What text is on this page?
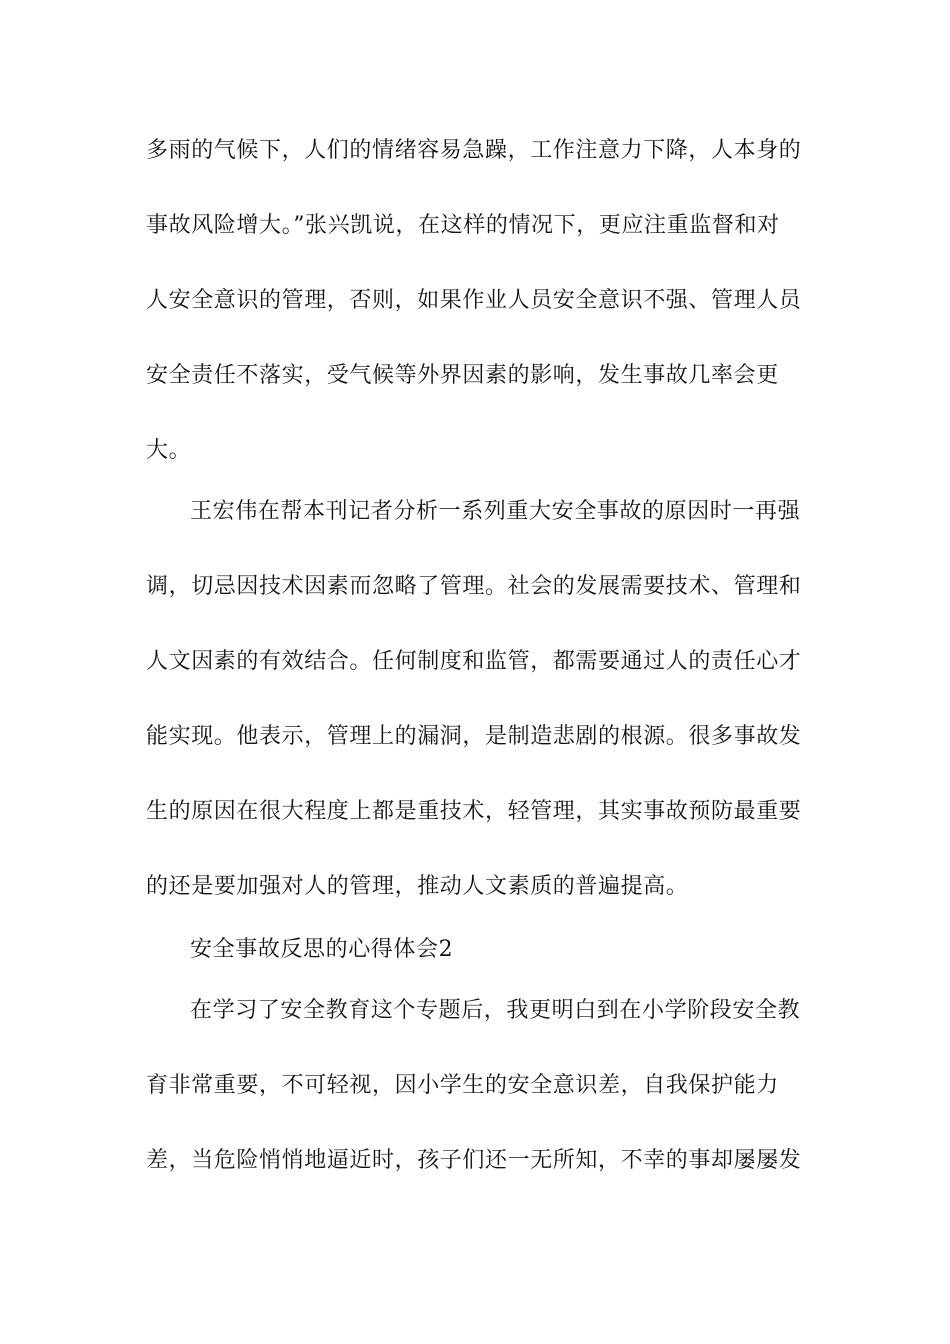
多雨的气候下，人们的情绪容易急躁，工作注意力下降，人本身的
事故风险增大。”张兴凯说，在这样的情况下，更应注重监督和对
人安全意识的管理，否则，如果作业人员安全意识不强、管理人员
安全责任不落实，受气候等外界因素的影响，发生事故几率会更
大。
王宏伟在帮本刊记者分析一系列重大安全事故的原因时一再强
调，切忌因技术因素而忽略了管理。社会的发展需要技术、管理和
人文因素的有效结合。任何制度和监管，都需要通过人的责任心才
能实现。他表示，管理上的漏洞，是制造悲剧的根源。很多事故发
生的原因在很大程度上都是重技术，轻管理，其实事故预防最重要
的还是要加强对人的管理，推动人文素质的普遍提高。
安全事故反思的心得体会2
在学习了安全教育这个专题后，我更明白到在小学阶段安全教
育非常重要，不可轻视，因小学生的安全意识差，自我保护能力
差，当危险悄悄地逼近时，孩子们还一无所知，不幸的事却屡屡发
